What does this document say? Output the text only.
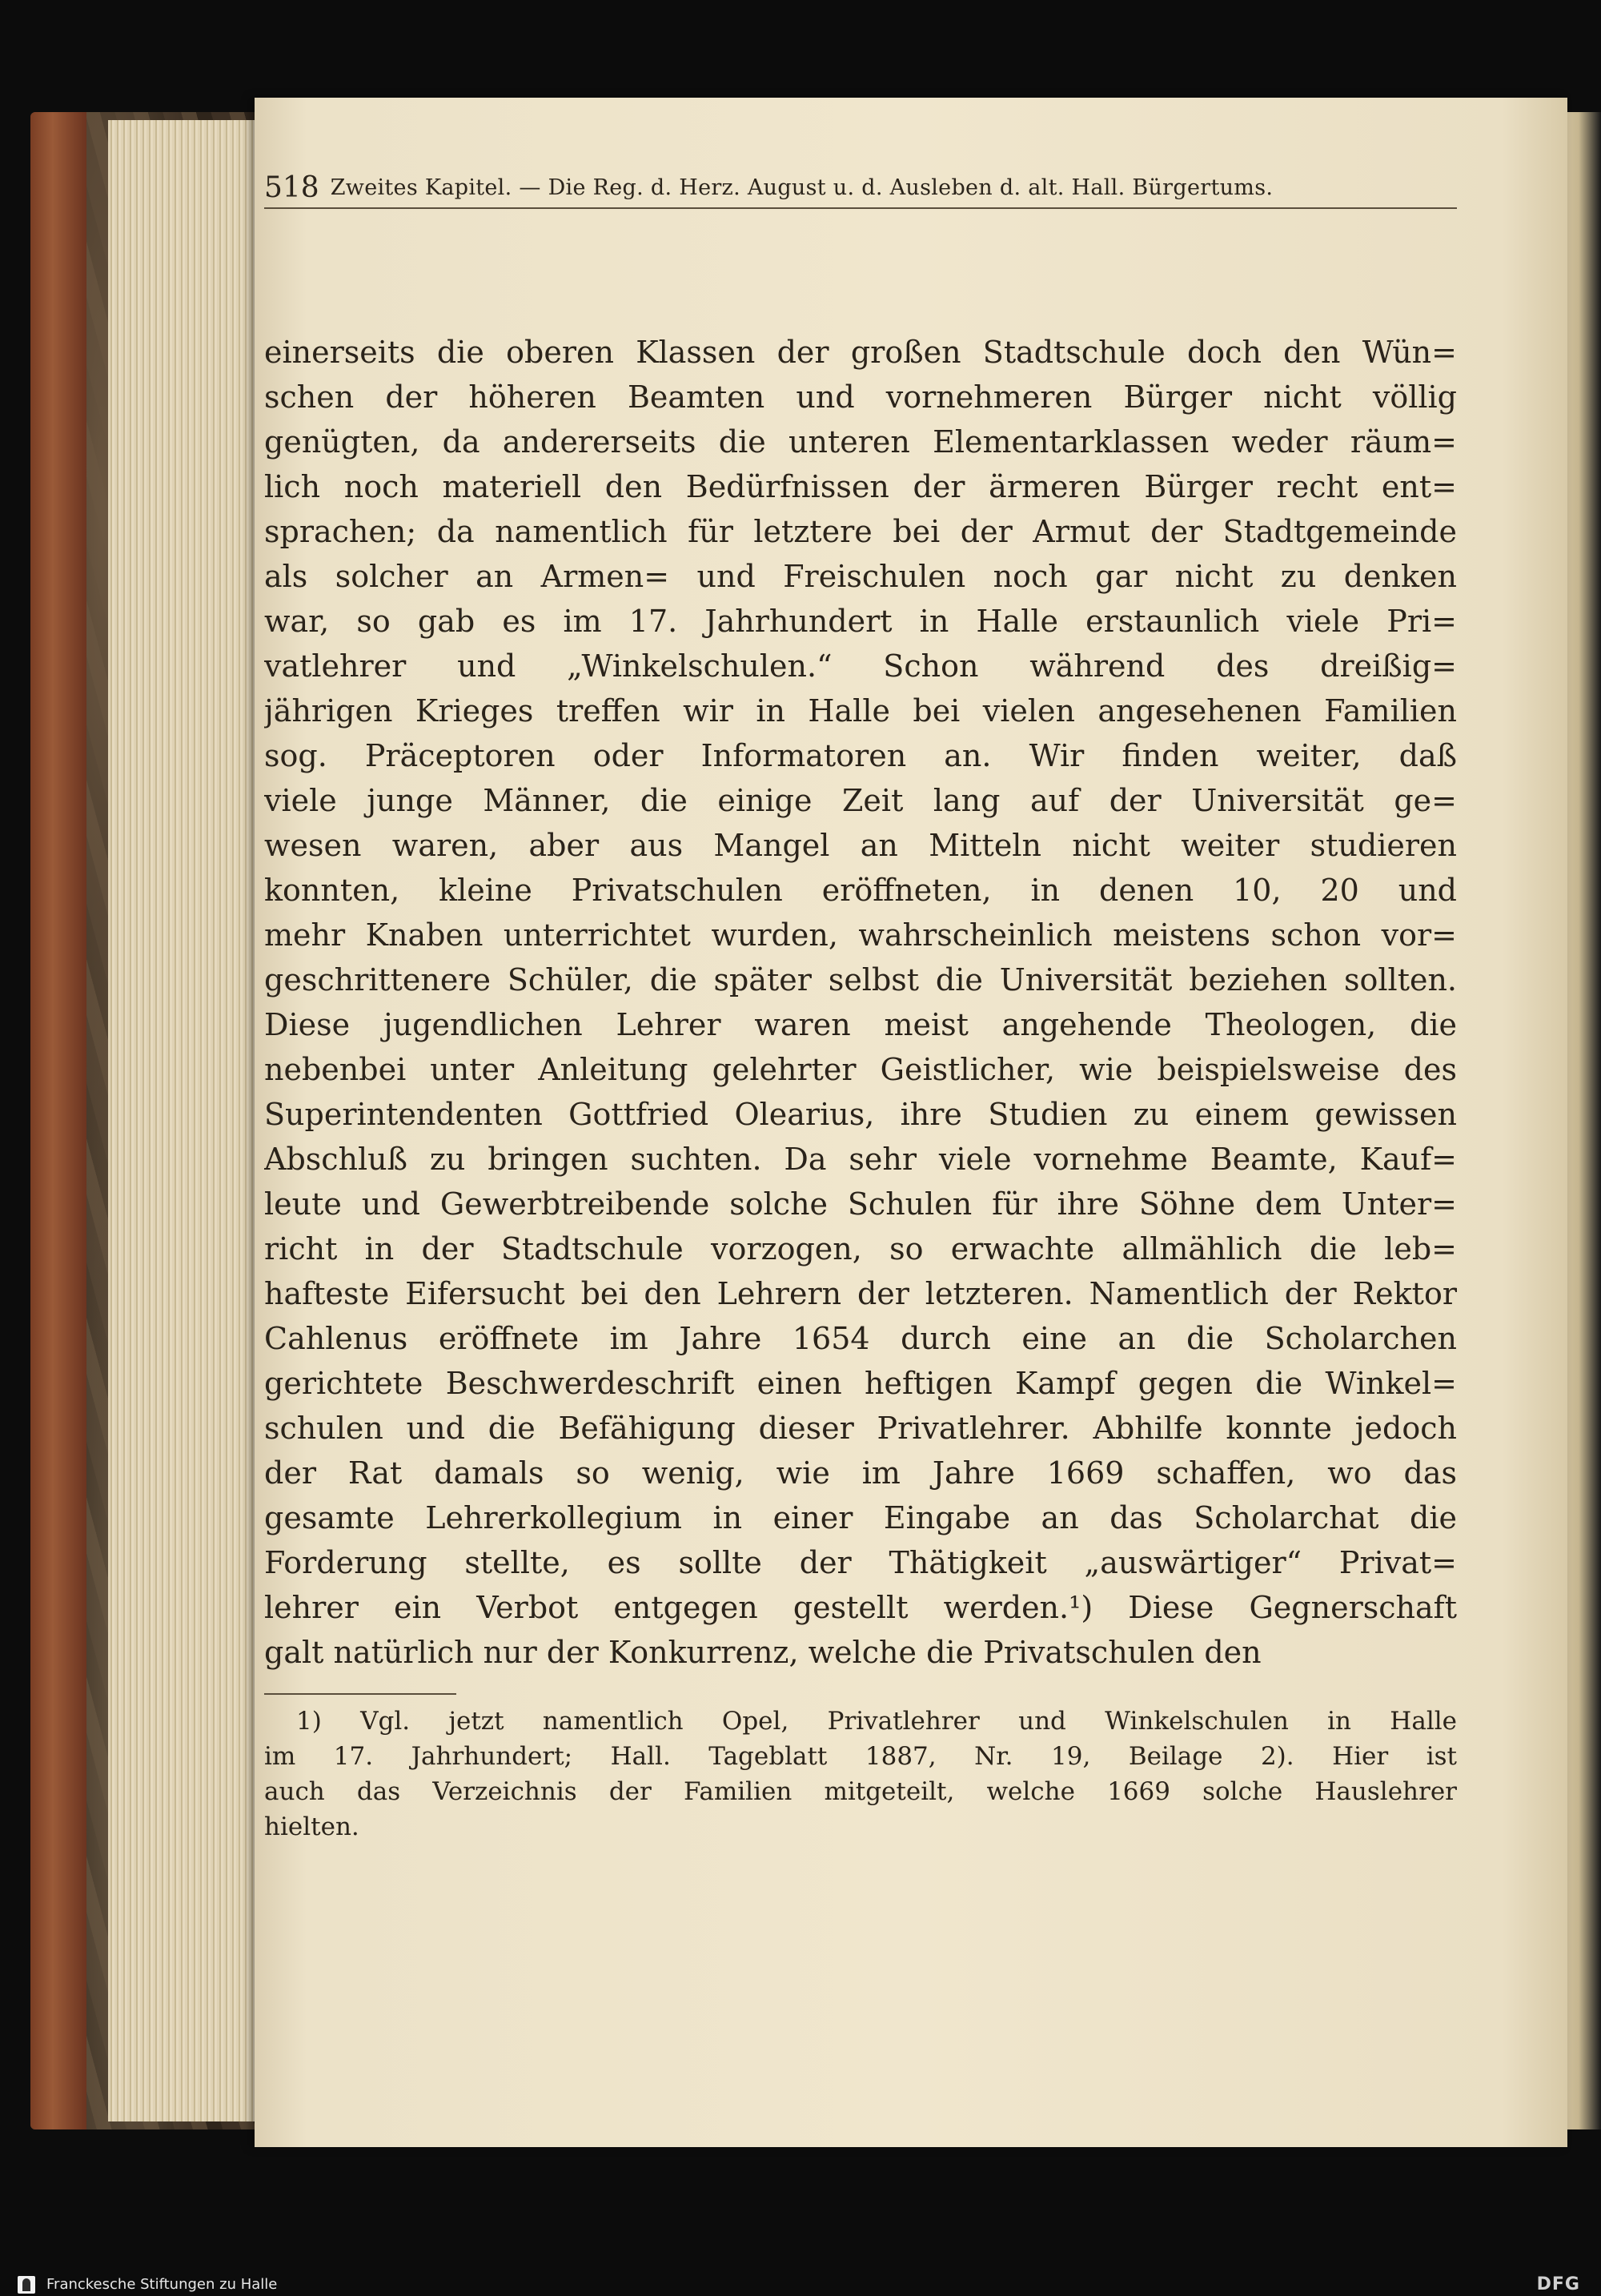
518 Zweites Kapitel. — Die Reg. d. Herz. August u. d. Ausleben d. alt. Hall. Bürgertums.
einerseits die oberen Klassen der großen Stadtschule doch den Wün=
schen der höheren Beamten und vornehmeren Bürger nicht völlig
genügten, da andererseits die unteren Elementarklassen weder räum=
lich noch materiell den Bedürfnissen der ärmeren Bürger recht ent=
sprachen; da namentlich für letztere bei der Armut der Stadtgemeinde
als solcher an Armen= und Freischulen noch gar nicht zu denken
war, so gab es im 17. Jahrhundert in Halle erstaunlich viele Pri=
vatlehrer und „Winkelschulen.“ Schon während des dreißig=
jährigen Krieges treffen wir in Halle bei vielen angesehenen Familien
sog. Präceptoren oder Informatoren an. Wir finden weiter, daß
viele junge Männer, die einige Zeit lang auf der Universität ge=
wesen waren, aber aus Mangel an Mitteln nicht weiter studieren
konnten, kleine Privatschulen eröffneten, in denen 10, 20 und
mehr Knaben unterrichtet wurden, wahrscheinlich meistens schon vor=
geschrittenere Schüler, die später selbst die Universität beziehen sollten.
Diese jugendlichen Lehrer waren meist angehende Theologen, die
nebenbei unter Anleitung gelehrter Geistlicher, wie beispielsweise des
Superintendenten Gottfried Olearius, ihre Studien zu einem gewissen
Abschluß zu bringen suchten. Da sehr viele vornehme Beamte, Kauf=
leute und Gewerbtreibende solche Schulen für ihre Söhne dem Unter=
richt in der Stadtschule vorzogen, so erwachte allmählich die leb=
hafteste Eifersucht bei den Lehrern der letzteren. Namentlich der Rektor
Cahlenus eröffnete im Jahre 1654 durch eine an die Scholarchen
gerichtete Beschwerdeschrift einen heftigen Kampf gegen die Winkel=
schulen und die Befähigung dieser Privatlehrer. Abhilfe konnte jedoch
der Rat damals so wenig, wie im Jahre 1669 schaffen, wo das
gesamte Lehrerkollegium in einer Eingabe an das Scholarchat die
Forderung stellte, es sollte der Thätigkeit „auswärtiger“ Privat=
lehrer ein Verbot entgegen gestellt werden.¹) Diese Gegnerschaft
galt natürlich nur der Konkurrenz, welche die Privatschulen den
1) Vgl. jetzt namentlich Opel, Privatlehrer und Winkelschulen in Halle
im 17. Jahrhundert; Hall. Tageblatt 1887, Nr. 19, Beilage 2). Hier ist
auch das Verzeichnis der Familien mitgeteilt, welche 1669 solche Hauslehrer
hielten.
Franckesche Stiftungen zu Halle	DFG
